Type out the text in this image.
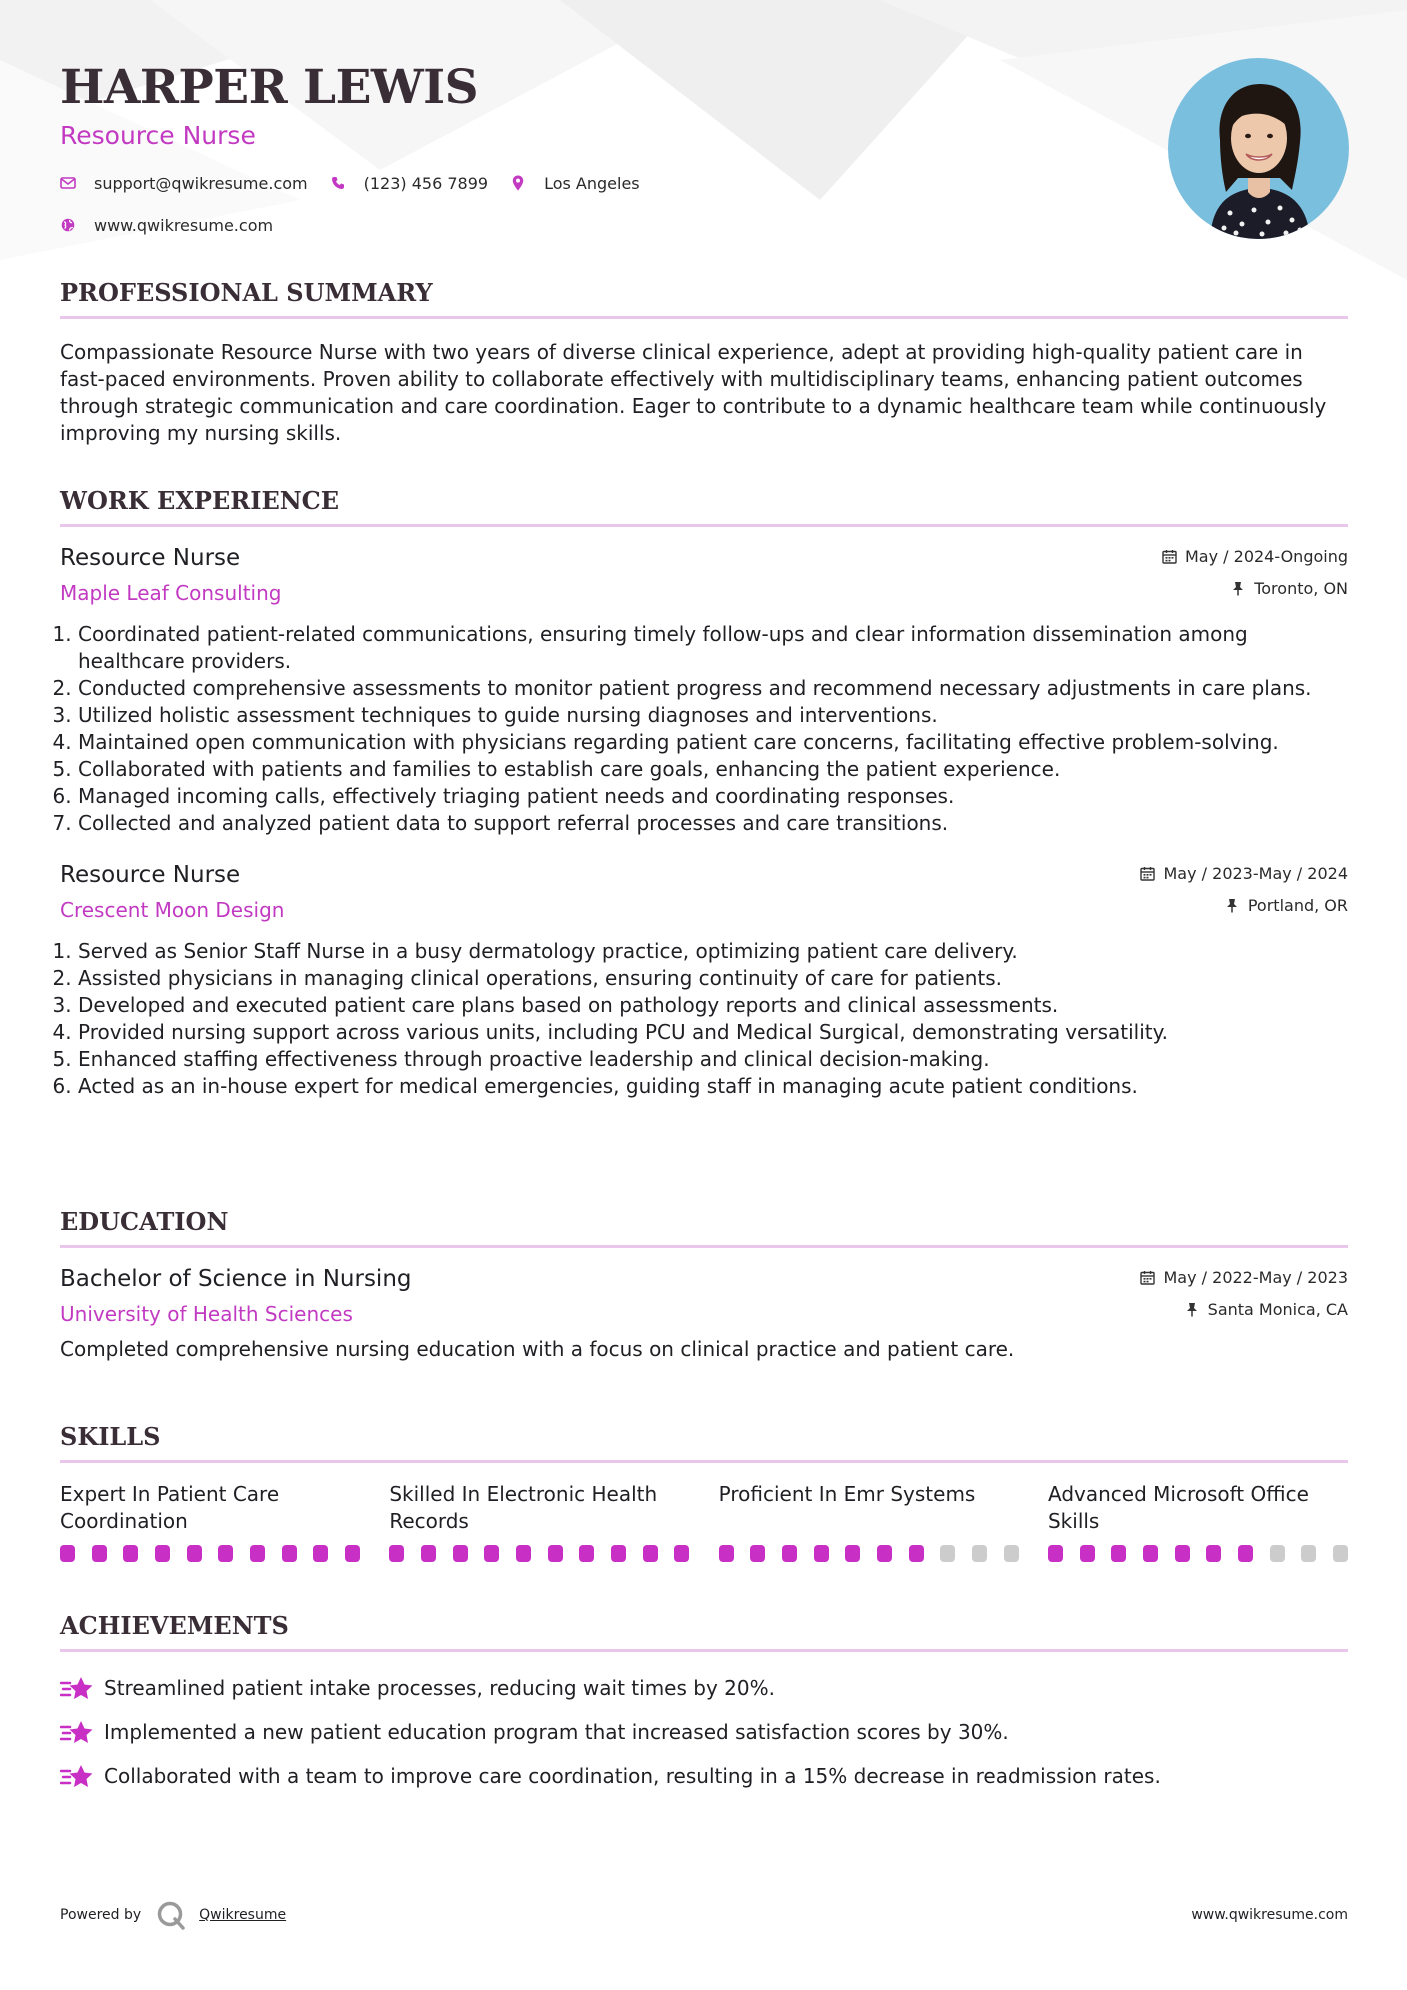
HARPER LEWIS
Resource Nurse
support@qwikresume.com	(123) 456 7899	Los Angeles
www.qwikresume.com
PROFESSIONAL SUMMARY
Compassionate Resource Nurse with two years of diverse clinical experience, adept at providing high-quality patient care in fast-paced environments. Proven ability to collaborate effectively with multidisciplinary teams, enhancing patient outcomes through strategic communication and care coordination. Eager to contribute to a dynamic healthcare team while continuously improving my nursing skills.
WORK EXPERIENCE
Resource Nurse
Maple Leaf Consulting
May / 2024-Ongoing
Toronto, ON
1. Coordinated patient-related communications, ensuring timely follow-ups and clear information dissemination among healthcare providers.
2. Conducted comprehensive assessments to monitor patient progress and recommend necessary adjustments in care plans.
3. Utilized holistic assessment techniques to guide nursing diagnoses and interventions.
4. Maintained open communication with physicians regarding patient care concerns, facilitating effective problem-solving.
5. Collaborated with patients and families to establish care goals, enhancing the patient experience.
6. Managed incoming calls, effectively triaging patient needs and coordinating responses.
7. Collected and analyzed patient data to support referral processes and care transitions.
Resource Nurse
Crescent Moon Design
May / 2023-May / 2024
Portland, OR
1. Served as Senior Staff Nurse in a busy dermatology practice, optimizing patient care delivery.
2. Assisted physicians in managing clinical operations, ensuring continuity of care for patients.
3. Developed and executed patient care plans based on pathology reports and clinical assessments.
4. Provided nursing support across various units, including PCU and Medical Surgical, demonstrating versatility.
5. Enhanced staffing effectiveness through proactive leadership and clinical decision-making.
6. Acted as an in-house expert for medical emergencies, guiding staff in managing acute patient conditions.
EDUCATION
Bachelor of Science in Nursing
University of Health Sciences
May / 2022-May / 2023
Santa Monica, CA
Completed comprehensive nursing education with a focus on clinical practice and patient care.
SKILLS
Expert In Patient Care Coordination
Skilled In Electronic Health Records
Proficient In Emr Systems	Advanced Microsoft Office Skills
ACHIEVEMENTS
Streamlined patient intake processes, reducing wait times by 20%.
Implemented a new patient education program that increased satisfaction scores by 30%.
Collaborated with a team to improve care coordination, resulting in a 15% decrease in readmission rates.
Powered by	Qwikresume	www.qwikresume.com
